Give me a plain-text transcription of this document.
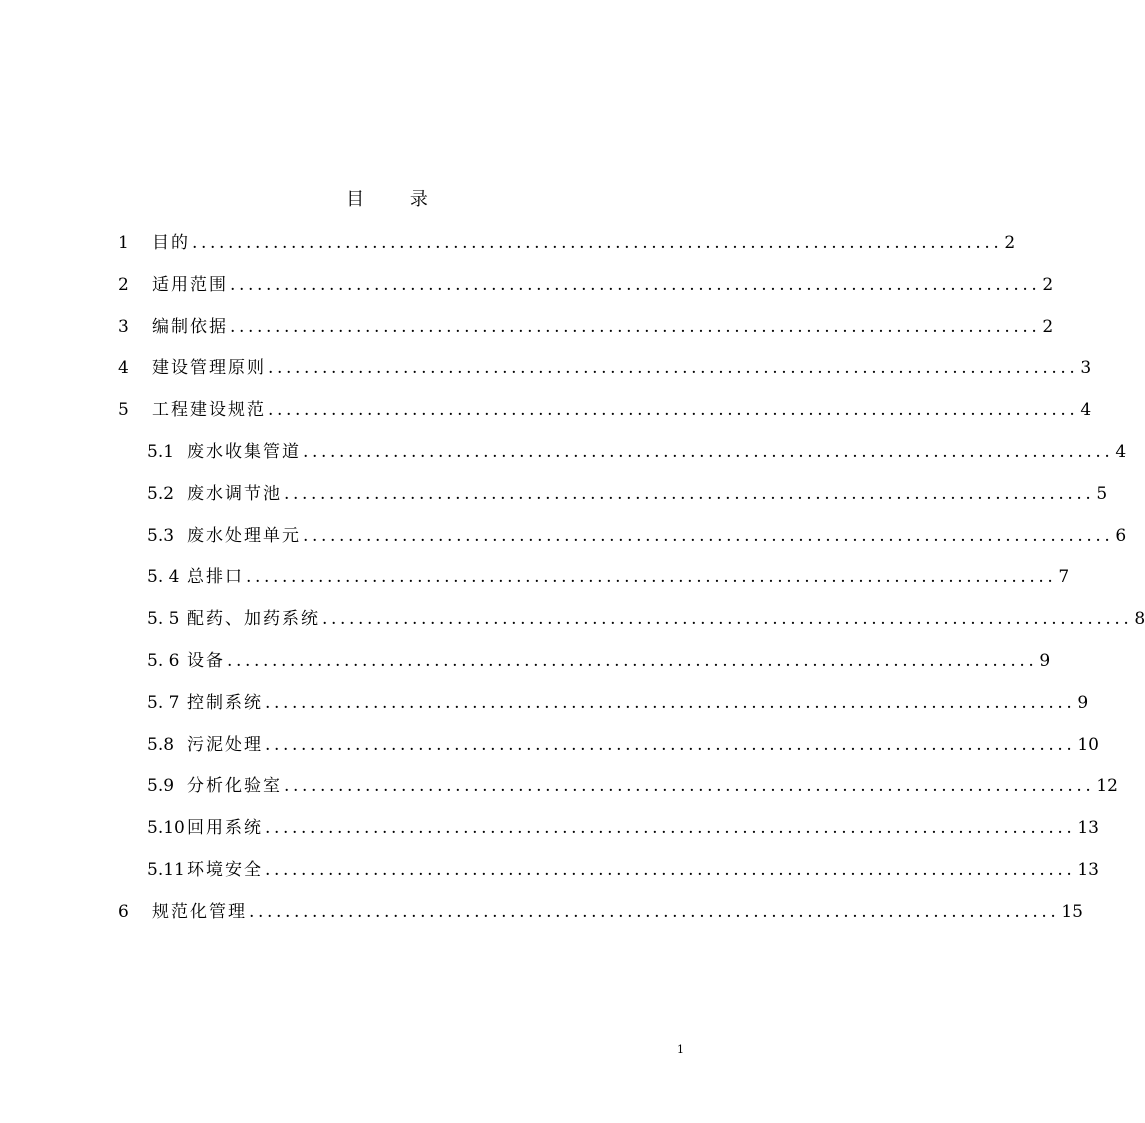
目 录
1	目的 .......................................................................................... 2
2	适用范围 .......................................................................................... 2
3	编制依据 .......................................................................................... 2
4	建设管理原则 .......................................................................................... 3
5	工程建设规范 .......................................................................................... 4
5.1 废水收集管道 .......................................................................................... 4
5.2 废水调节池 .......................................................................................... 5
5.3 废水处理单元 .......................................................................................... 6
5. 4 总排口 .......................................................................................... 7
5. 5 配药、加药系统 .......................................................................................... 8
5. 6 设备 .......................................................................................... 9
5. 7 控制系统 .......................................................................................... 9
5.8 污泥处理 .......................................................................................... 10
5.9 分析化验室 .......................................................................................... 12
5.10 回用系统 .......................................................................................... 13
5.11 环境安全 .......................................................................................... 13
6	规范化管理 .......................................................................................... 15
1
